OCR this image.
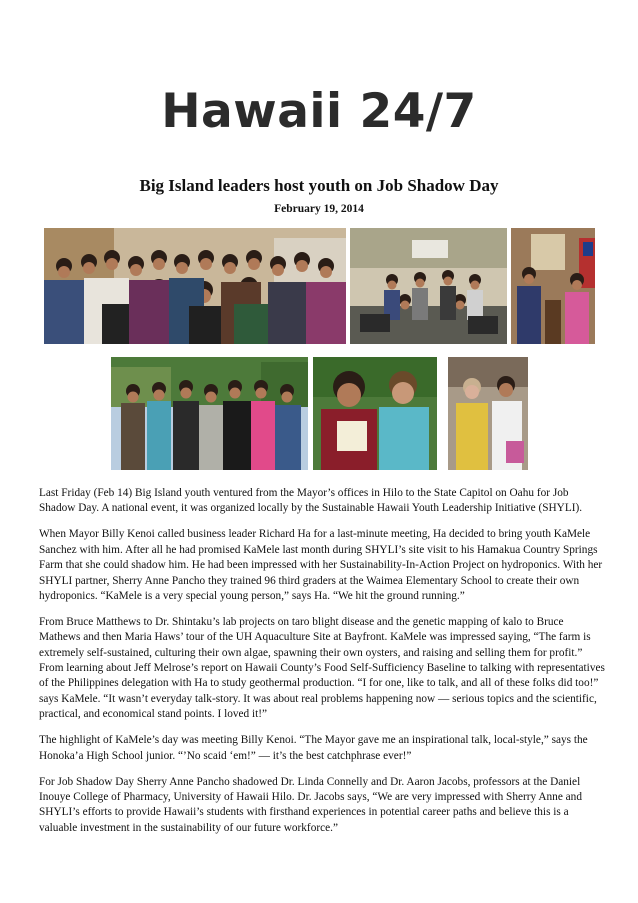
Hawaii 24/7
Big Island leaders host youth on Job Shadow Day
February 19, 2014

Last Friday (Feb 14) Big Island youth ventured from the Mayor’s offices in Hilo to the State Capitol on Oahu for Job Shadow Day. A national event, it was organized locally by the Sustainable Hawaii Youth Leadership Initiative (SHYLI).

When Mayor Billy Kenoi called business leader Richard Ha for a last-minute meeting, Ha decided to bring youth KaMele Sanchez with him. After all he had promised KaMele last month during SHYLI’s site visit to his Hamakua Country Springs Farm that she could shadow him. He had been impressed with her Sustainability-In-Action Project on hydroponics. With her SHYLI partner, Sherry Anne Pancho they trained 96 third graders at the Waimea Elementary School to create their own hydroponics. “KaMele is a very special young person,” says Ha. “We hit the ground running.”

From Bruce Matthews to Dr. Shintaku’s lab projects on taro blight disease and the genetic mapping of kalo to Bruce Mathews and then Maria Haws’ tour of the UH Aquaculture Site at Bayfront. KaMele was impressed saying, “The farm is extremely self-sustained, culturing their own algae, spawning their own oysters, and raising and selling them for profit.” From learning about Jeff Melrose’s report on Hawaii County’s Food Self-Sufficiency Baseline to talking with representatives of the Philippines delegation with Ha to study geothermal production. “I for one, like to talk, and all of these folks did too!” says KaMele. “It wasn’t everyday talk-story. It was about real problems happening now — serious topics and the scientific, practical, and economical stand points. I loved it!”

The highlight of KaMele’s day was meeting Billy Kenoi. “The Mayor gave me an inspirational talk, local-style,” says the Honoka’a High School junior. “’No scaid ‘em!” — it’s the best catchphrase ever!”

For Job Shadow Day Sherry Anne Pancho shadowed Dr. Linda Connelly and Dr. Aaron Jacobs, professors at the Daniel Inouye College of Pharmacy, University of Hawaii Hilo. Dr. Jacobs says, “We are very impressed with Sherry Anne and SHYLI’s efforts to provide Hawaii’s students with firsthand experiences in potential career paths and believe this is a valuable investment in the sustainability of our future workforce.”
